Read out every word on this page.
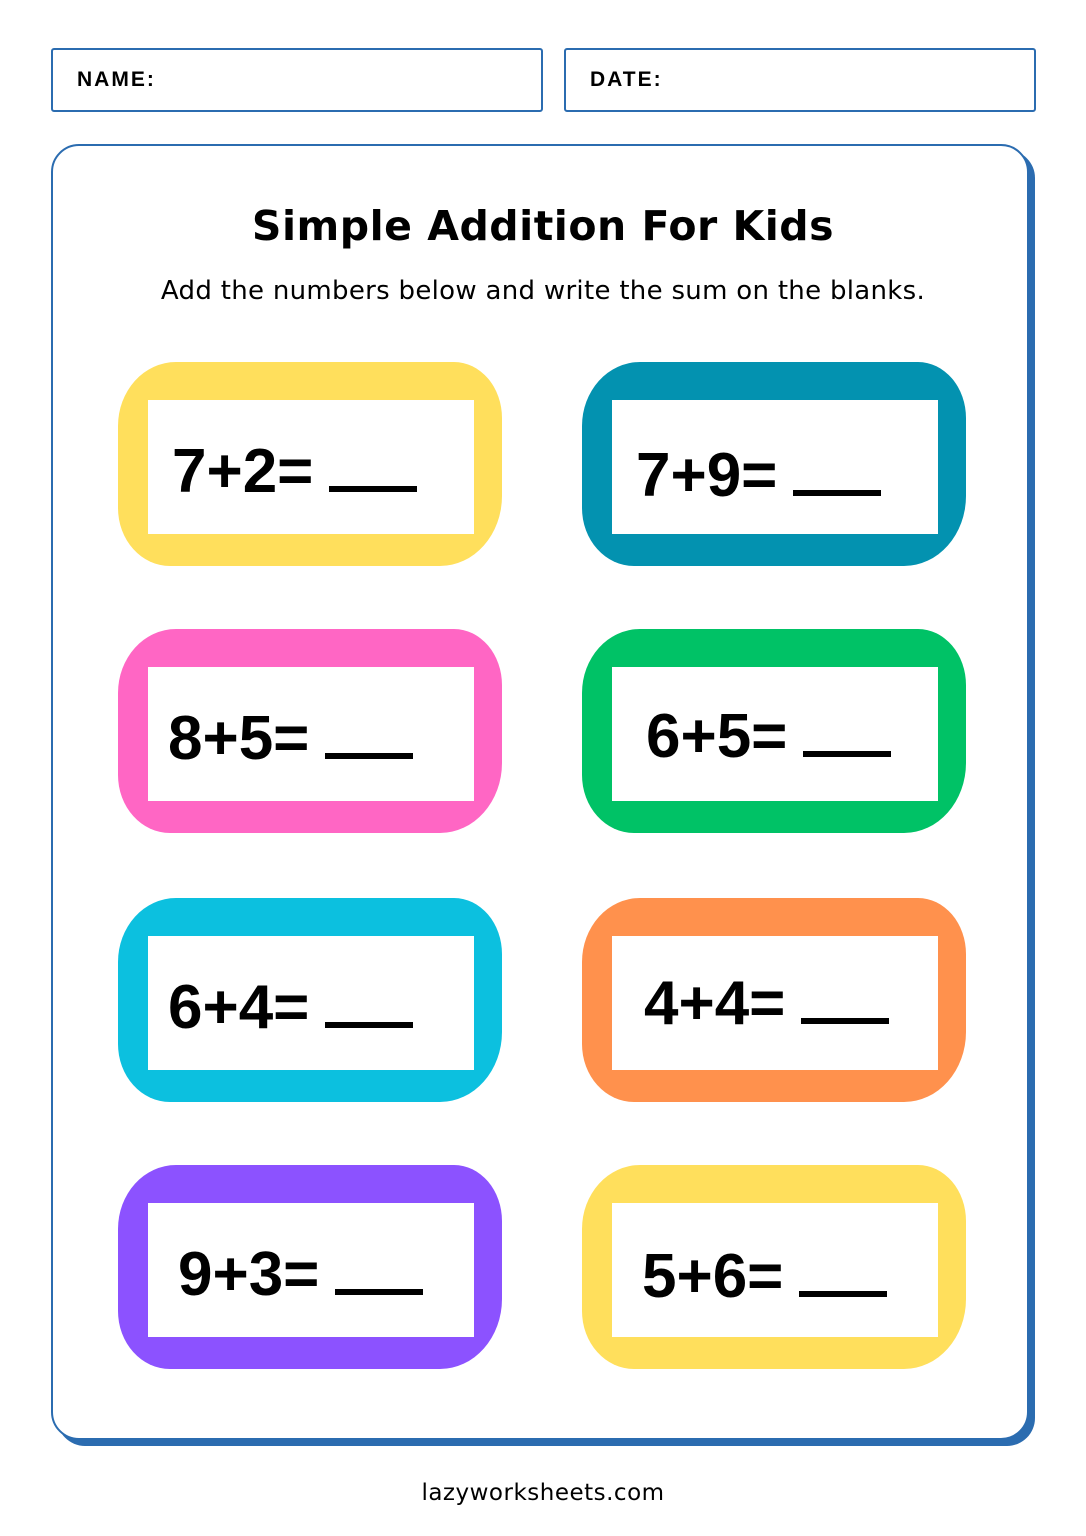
NAME:	DATE:
Simple Addition For Kids
Add the numbers below and write the sum on the blanks.
7+2=	7+9=
8+5=	6+5=
6+4=	4+4=
9+3=	5+6=
lazyworksheets.com
